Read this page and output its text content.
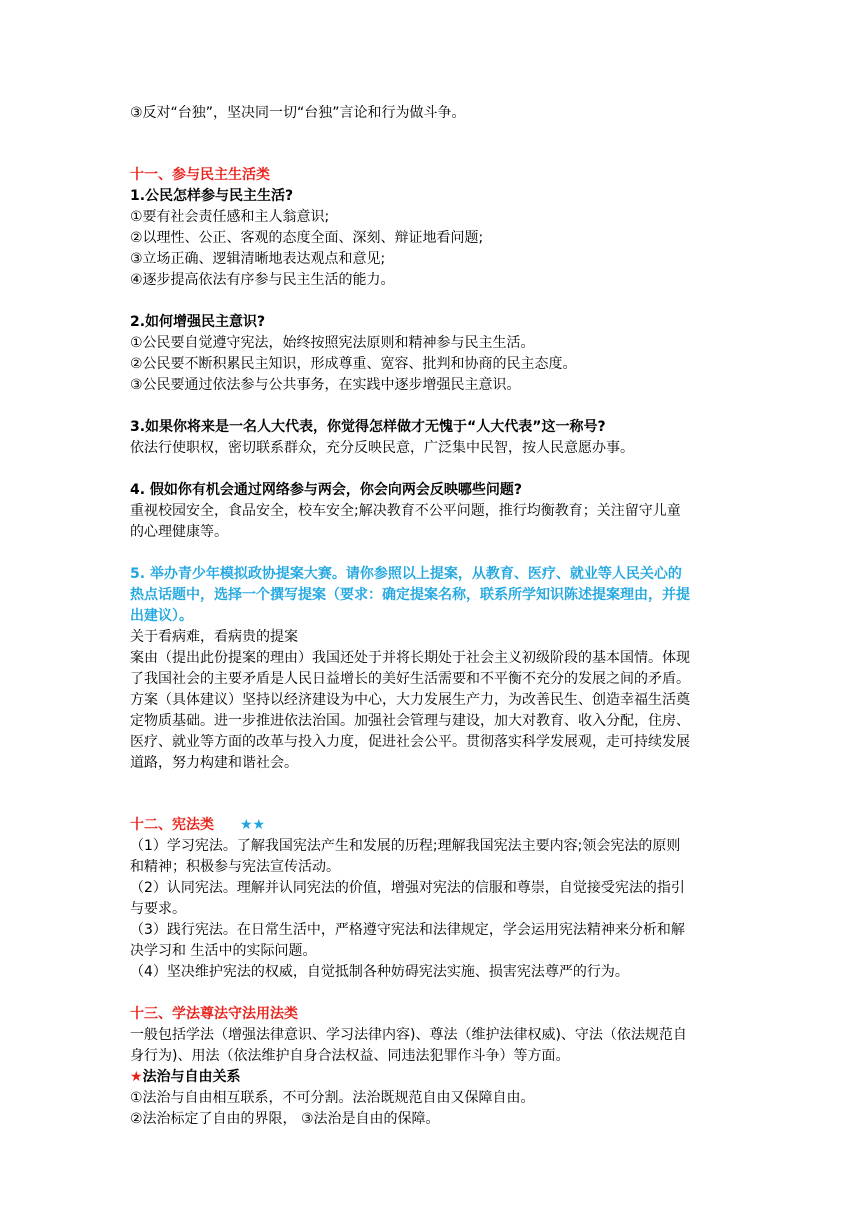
③反对“台独”，坚决同一切“台独”言论和行为做斗争。

十一、参与民主生活类

1.公民怎样参与民主生活?

①要有社会责任感和主人翁意识;

②以理性、公正、客观的态度全面、深刻、辩证地看问题;

③立场正确、逻辑清晰地表达观点和意见;

④逐步提高依法有序参与民主生活的能力。

2.如何增强民主意识?

①公民要自觉遵守宪法，始终按照宪法原则和精神参与民主生活。

②公民要不断积累民主知识，形成尊重、宽容、批判和协商的民主态度。

③公民要通过依法参与公共事务，在实践中逐步增强民主意识。

3.如果你将来是一名人大代表，你觉得怎样做才无愧于“人大代表”这一称号?

依法行使职权，密切联系群众，充分反映民意，广泛集中民智，按人民意愿办事。

4. 假如你有机会通过网络参与两会，你会向两会反映哪些问题?

重视校园安全，食品安全，校车安全;解决教育不公平问题，推行均衡教育；关注留守儿童

的心理健康等。

5. 举办青少年模拟政协提案大赛。请你参照以上提案，从教育、医疗、就业等人民关心的

热点话题中，选择一个撰写提案（要求：确定提案名称，联系所学知识陈述提案理由，并提

出建议）。

关于看病难，看病贵的提案

案由（提出此份提案的理由）我国还处于并将长期处于社会主义初级阶段的基本国情。体现

了我国社会的主要矛盾是人民日益增长的美好生活需要和不平衡不充分的发展之间的矛盾。

方案（具体建议）坚持以经济建设为中心，大力发展生产力，为改善民生、创造幸福生活奠

定物质基础。进一步推进依法治国。加强社会管理与建设，加大对教育、收入分配，住房、

医疗、就业等方面的改革与投入力度，促进社会公平。贯彻落实科学发展观，走可持续发展

道路，努力构建和谐社会。

十二、宪法类 ★★

（1）学习宪法。了解我国宪法产生和发展的历程;理解我国宪法主要内容;领会宪法的原则

和精神；积极参与宪法宣传活动。

（2）认同宪法。理解并认同宪法的价值，增强对宪法的信服和尊崇，自觉接受宪法的指引

与要求。

（3）践行宪法。在日常生活中，严格遵守宪法和法律规定，学会运用宪法精神来分析和解

决学习和 生活中的实际问题。

（4）坚决维护宪法的权威，自觉抵制各种妨碍宪法实施、损害宪法尊严的行为。

十三、学法尊法守法用法类

一般包括学法（增强法律意识、学习法律内容)、尊法（维护法律权威)、守法（依法规范自

身行为)、用法（依法维护自身合法权益、同违法犯罪作斗争）等方面。

★法治与自由关系

①法治与自由相互联系，不可分割。法治既规范自由又保障自由。

②法治标定了自由的界限， ③法治是自由的保障。
